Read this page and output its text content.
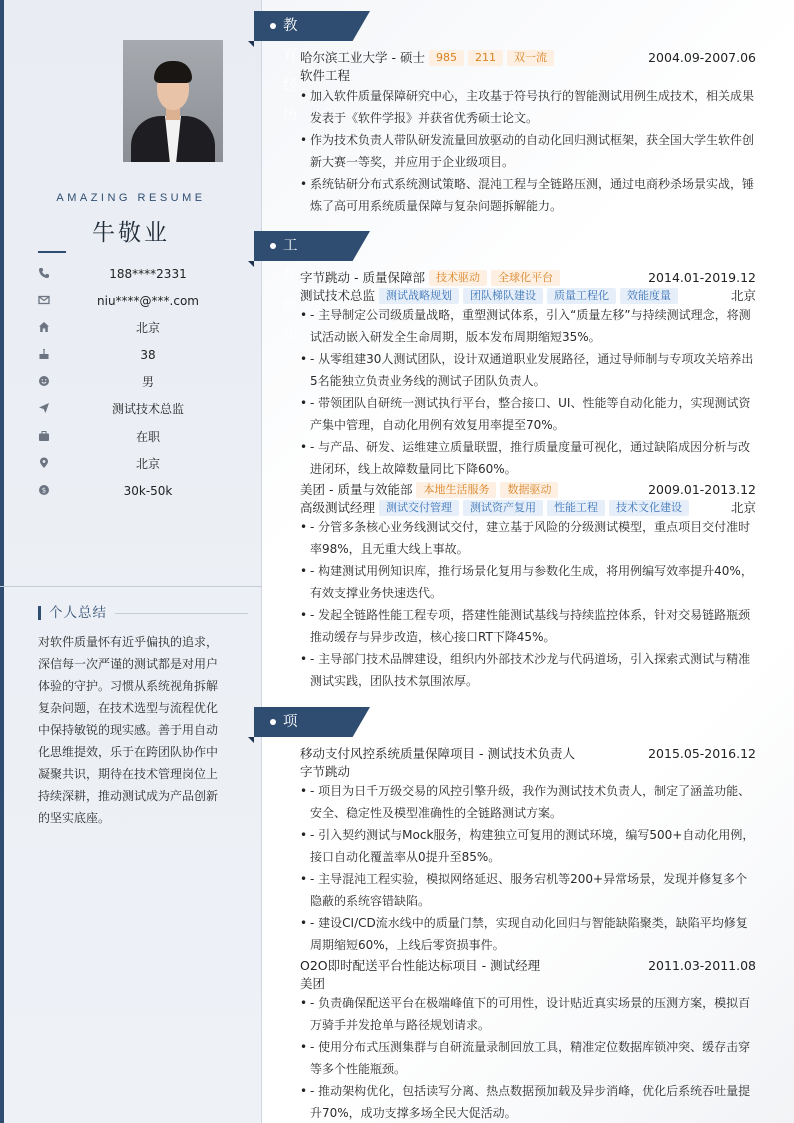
AMAZING RESUME
牛敬业
188****2331
niu****@***.com
北京
38
男
测试技术总监
在职
北京
$	30k-50k
个人总结
对软件质量怀有近乎偏执的追求，深信每一次严谨的测试都是对用户体验的守护。习惯从系统视角拆解复杂问题，在技术选型与流程优化中保持敏锐的现实感。善于用自动化思维提效，乐于在跨团队协作中凝聚共识，期待在技术管理岗位上持续深耕，推动测试成为产品创新的坚实底座。
教育经历
哈尔滨工业大学 - 硕士 985 211 双一流	2004.09-2007.06
软件工程
• 加入软件质量保障研究中心，主攻基于符号执行的智能测试用例生成技术，相关成果发表于《软件学报》并获省优秀硕士论文。
• 作为技术负责人带队研发流量回放驱动的自动化回归测试框架，获全国大学生软件创新大赛一等奖，并应用于企业级项目。
• 系统钻研分布式系统测试策略、混沌工程与全链路压测，通过电商秒杀场景实战，锤炼了高可用系统质量保障与复杂问题拆解能力。
工作经历
字节跳动 - 质量保障部 技术驱动 全球化平台	2014.01-2019.12
测试技术总监 测试战略规划 团队梯队建设 质量工程化 效能度量	北京
• - 主导制定公司级质量战略，重塑测试体系，引入“质量左移”与持续测试理念，将测试活动嵌入研发全生命周期，版本发布周期缩短35%。
• - 从零组建30人测试团队，设计双通道职业发展路径，通过导师制与专项攻关培养出5名能独立负责业务线的测试子团队负责人。
• - 带领团队自研统一测试执行平台，整合接口、UI、性能等自动化能力，实现测试资产集中管理，自动化用例有效复用率提至70%。
• - 与产品、研发、运维建立质量联盟，推行质量度量可视化，通过缺陷成因分析与改进闭环，线上故障数量同比下降60%。
美团 - 质量与效能部 本地生活服务 数据驱动	2009.01-2013.12
高级测试经理 测试交付管理 测试资产复用 性能工程 技术文化建设	北京
• - 分管多条核心业务线测试交付，建立基于风险的分级测试模型，重点项目交付准时率98%，且无重大线上事故。
• - 构建测试用例知识库，推行场景化复用与参数化生成，将用例编写效率提升40%，有效支撑业务快速迭代。
• - 发起全链路性能工程专项，搭建性能测试基线与持续监控体系，针对交易链路瓶颈推动缓存与异步改造，核心接口RT下降45%。
• - 主导部门技术品牌建设，组织内外部技术沙龙与代码道场，引入探索式测试与精准测试实践，团队技术氛围浓厚。
项目经历
移动支付风控系统质量保障项目 - 测试技术负责人	2015.05-2016.12
字节跳动
• - 项目为日千万级交易的风控引擎升级，我作为测试技术负责人，制定了涵盖功能、安全、稳定性及模型准确性的全链路测试方案。
• - 引入契约测试与Mock服务，构建独立可复用的测试环境，编写500+自动化用例，接口自动化覆盖率从0提升至85%。
• - 主导混沌工程实验，模拟网络延迟、服务宕机等200+异常场景，发现并修复多个隐蔽的系统容错缺陷。
• - 建设CI/CD流水线中的质量门禁，实现自动化回归与智能缺陷聚类，缺陷平均修复周期缩短60%，上线后零资损事件。
O2O即时配送平台性能达标项目 - 测试经理	2011.03-2011.08
美团
• - 负责确保配送平台在极端峰值下的可用性，设计贴近真实场景的压测方案，模拟百万骑手并发抢单与路径规划请求。
• - 使用分布式压测集群与自研流量录制回放工具，精准定位数据库锁冲突、缓存击穿等多个性能瓶颈。
• - 推动架构优化，包括读写分离、热点数据预加载及异步消峰，优化后系统吞吐量提升70%，成功支撑多场全民大促活动。
